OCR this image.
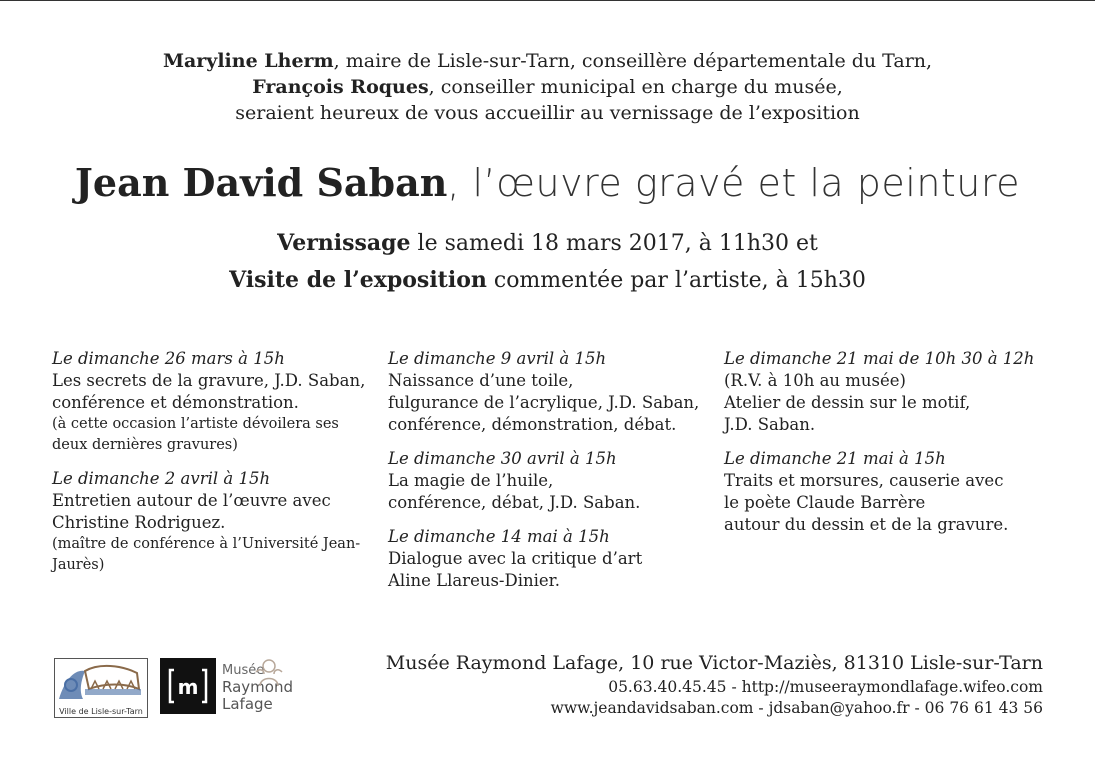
Maryline Lherm, maire de Lisle-sur-Tarn, conseillère départementale du Tarn,
François Roques, conseiller municipal en charge du musée,
seraient heureux de vous accueillir au vernissage de l’exposition
Jean David Saban, l’œuvre gravé et la peinture
Vernissage le samedi 18 mars 2017, à 11h30 et
Visite de l’exposition commentée par l’artiste, à 15h30
Le dimanche 26 mars à 15h
Les secrets de la gravure, J.D. Saban,
conférence et démonstration.
(à cette occasion l’artiste dévoilera ses
deux dernières gravures)
Le dimanche 2 avril à 15h
Entretien autour de l’œuvre avec
Christine Rodriguez.
(maître de conférence à l’Université Jean-
Jaurès)
Le dimanche 9 avril à 15h
Naissance d’une toile,
fulgurance de l’acrylique, J.D. Saban,
conférence, démonstration, débat.
Le dimanche 30 avril à 15h
La magie de l’huile,
conférence, débat, J.D. Saban.
Le dimanche 14 mai à 15h
Dialogue avec la critique d’art
Aline Llareus-Dinier.
Le dimanche 21 mai de 10h 30 à 12h
(R.V. à 10h au musée)
Atelier de dessin sur le motif,
J.D. Saban.
Le dimanche 21 mai à 15h
Traits et morsures, causerie avec
le poète Claude Barrère
autour du dessin et de la gravure.
Ville de Lisle-sur-Tarn
m
Musée
Raymond
Lafage
Musée Raymond Lafage, 10 rue Victor-Maziès, 81310 Lisle-sur-Tarn
05.63.40.45.45 - http://museeraymondlafage.wifeo.com
www.jeandavidsaban.com - jdsaban@yahoo.fr - 06 76 61 43 56
